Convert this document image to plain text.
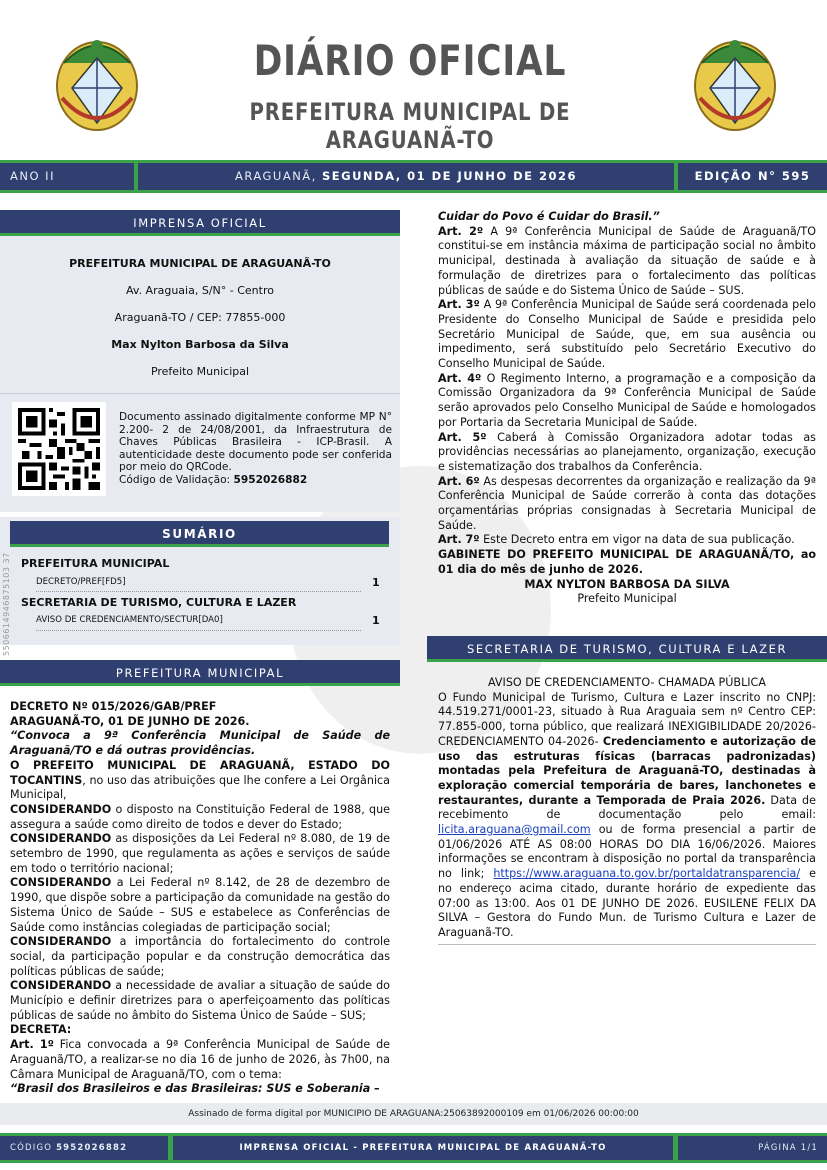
DIÁRIO OFICIAL
PREFEITURA MUNICIPAL DE ARAGUANÃ-TO
ANO II	ARAGUANÃ, SEGUNDA, 01 DE JUNHO DE 2026	EDIÇÃO N° 595
IMPRENSA OFICIAL
PREFEITURA MUNICIPAL DE ARAGUANÃ-TO
Av. Araguaia, S/N° - Centro
Araguanã-TO / CEP: 77855-000
Max Nylton Barbosa da Silva
Prefeito Municipal
Documento assinado digitalmente conforme MP N° 2.200- 2 de 24/08/2001, da Infraestrutura de Chaves Públicas Brasileira - ICP-Brasil. A autenticidade deste documento pode ser conferida por meio do QRCode.
Código de Validação: 5952026882
SUMÁRIO
PREFEITURA MUNICIPAL
DECRETO/PREF[FD5]	1
SECRETARIA DE TURISMO, CULTURA E LAZER
AVISO DE CREDENCIAMENTO/SECTUR[DA0]	1
5506614946875103 37
PREFEITURA MUNICIPAL

DECRETO Nº 015/2026/GAB/PREF

ARAGUANÃ-TO, 01 DE JUNHO DE 2026.

“Convoca a 9ª Conferência Municipal de Saúde de Araguanã/TO e dá outras providências.

O PREFEITO MUNICIPAL DE ARAGUANÃ, ESTADO DO TOCANTINS, no uso das atribuições que lhe confere a Lei Orgânica Municipal,

CONSIDERANDO o disposto na Constituição Federal de 1988, que assegura a saúde como direito de todos e dever do Estado;

CONSIDERANDO as disposições da Lei Federal nº 8.080, de 19 de setembro de 1990, que regulamenta as ações e serviços de saúde em todo o território nacional;

CONSIDERANDO a Lei Federal nº 8.142, de 28 de dezembro de 1990, que dispõe sobre a participação da comunidade na gestão do Sistema Único de Saúde – SUS e estabelece as Conferências de Saúde como instâncias colegiadas de participação social;

CONSIDERANDO a importância do fortalecimento do controle social, da participação popular e da construção democrática das políticas públicas de saúde;

CONSIDERANDO a necessidade de avaliar a situação de saúde do Município e definir diretrizes para o aperfeiçoamento das políticas públicas de saúde no âmbito do Sistema Único de Saúde – SUS;

DECRETA:

Art. 1º Fica convocada a 9ª Conferência Municipal de Saúde de Araguanã/TO, a realizar-se no dia 16 de junho de 2026, às 7h00, na Câmara Municipal de Araguanã/TO, com o tema:

“Brasil dos Brasileiros e das Brasileiras: SUS e Soberania –

Cuidar do Povo é Cuidar do Brasil.”

Art. 2º A 9ª Conferência Municipal de Saúde de Araguanã/TO constitui-se em instância máxima de participação social no âmbito municipal, destinada à avaliação da situação de saúde e à formulação de diretrizes para o fortalecimento das políticas públicas de saúde e do Sistema Único de Saúde – SUS.

Art. 3º A 9ª Conferência Municipal de Saúde será coordenada pelo Presidente do Conselho Municipal de Saúde e presidida pelo Secretário Municipal de Saúde, que, em sua ausência ou impedimento, será substituído pelo Secretário Executivo do Conselho Municipal de Saúde.

Art. 4º O Regimento Interno, a programação e a composição da Comissão Organizadora da 9ª Conferência Municipal de Saúde serão aprovados pelo Conselho Municipal de Saúde e homologados por Portaria da Secretaria Municipal de Saúde.

Art. 5º Caberá à Comissão Organizadora adotar todas as providências necessárias ao planejamento, organização, execução e sistematização dos trabalhos da Conferência.

Art. 6º As despesas decorrentes da organização e realização da 9ª Conferência Municipal de Saúde correrão à conta das dotações orçamentárias próprias consignadas à Secretaria Municipal de Saúde.

Art. 7º Este Decreto entra em vigor na data de sua publicação.

GABINETE DO PREFEITO MUNICIPAL DE ARAGUANÃ/TO, ao 01 dia do mês de junho de 2026.

MAX NYLTON BARBOSA DA SILVA

Prefeito Municipal

SECRETARIA DE TURISMO, CULTURA E LAZER

AVISO DE CREDENCIAMENTO- CHAMADA PÚBLICA

O Fundo Municipal de Turismo, Cultura e Lazer inscrito no CNPJ: 44.519.271/0001-23, situado à Rua Araguaia sem nº Centro CEP: 77.855-000, torna público, que realizará INEXIGIBILIDADE 20/2026- CREDENCIAMENTO 04-2026- Credenciamento e autorização de uso das estruturas físicas (barracas padronizadas) montadas pela Prefeitura de Araguanã-TO, destinadas à exploração comercial temporária de bares, lanchonetes e restaurantes, durante a Temporada de Praia 2026. Data de recebimento de documentação pelo email: licita.araguana@gmail.com ou de forma presencial a partir de 01/06/2026 ATÉ AS 08:00 HORAS DO DIA 16/06/2026. Maiores informações se encontram à disposição no portal da transparência no link; https://www.araguana.to.gov.br/portaldatransparencia/ e no endereço acima citado, durante horário de expediente das 07:00 as 13:00. Aos 01 DE JUNHO DE 2026. EUSILENE FELIX DA SILVA – Gestora do Fundo Mun. de Turismo Cultura e Lazer de Araguanã-TO.

Assinado de forma digital por MUNICIPIO DE ARAGUANA:25063892000109 em 01/06/2026 00:00:00
CÓDIGO 5952026882	IMPRENSA OFICIAL - PREFEITURA MUNICIPAL DE ARAGUANÃ-TO	PÁGINA 1/1
